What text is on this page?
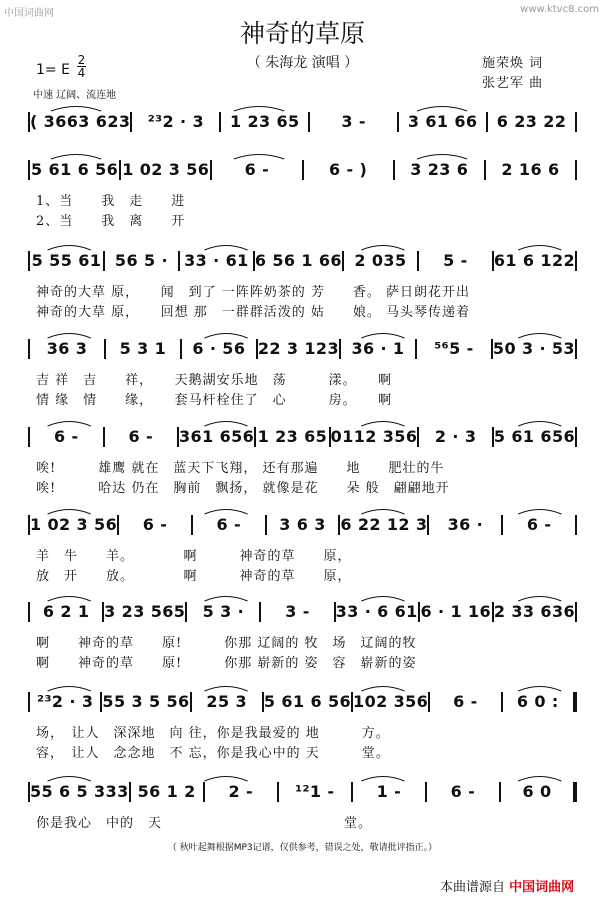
中国词曲网	www.ktvc8.com
神奇的草原
（ 朱海龙 演唱 ）	施荣焕 词
张艺军 曲
1= E
2
4
中速 辽阔、流连地
( 3663 623	²³2 · 3	1 23 65	3 -	3 61 66	6 23 22
5 61 6 56 1 02 3 56	6 -	6 - )	3 23 6	2 16 6
1、当　　我　走　　进
2、当　　我　离　　开
5 55 61 56 5 ·	33 · 61 6 56 1 66 2 035	5 -	61 6 122
神奇的大草 原，　　闻　到了 一阵阵奶茶的 芳　　香。 萨日朗花开出
神奇的大草 原，　　回想 那　一群群活泼的 姑　　娘。 马头琴传递着
36 3	5 3 1	6 · 56 22 3 123 36 · 1	⁵⁶5 -	50 3 · 53
吉 祥　吉　　祥，　　天鹅湖安乐地　荡　　　漾。　　啊
情 缘　情　　缘，　　套马杆栓住了　心　　　房。　　啊
6 -	6 -	361 656 1 23 65 0112 356	2 · 3	5 61 656
唉!　　　雄鹰 就在　蓝天下飞翔， 还有那遍　　地　　肥壮的牛
唉!　　　哈达 仍在　胸前　飘扬， 就像是花　　朵 般　翩翩地开
1 02 3 56	6 -	6 -	3 6 3 6 22 12 3	36 ·	6 -
羊　牛　　羊。　　　　啊　　　神奇的草　　原，
放　开　　放。　　　　啊　　　神奇的草　　原，
6 2 1 3 23 565	5 3 ·	3 -	33 · 6 61 6 · 1 16 2 33 636
啊　　神奇的草　　原!　　　你那 辽阔的 牧　场　辽阔的牧
啊　　神奇的草　　原!　　　你那 崭新的 姿　容　崭新的姿
²³2 · 3 55 3 5 56	25 3	5 61 6 56 102 356	6 -	6 0 :
场，　让人　深深地　向 往，你是我最爱的 地　　　方。
容，　让人　念念地　不 忘，你是我心中的 天　　　堂。
55 6 5 333 56 1 2	2 -	¹²1 -	1 -	6 -	6 0
你是我心　中的　天　　　　　　　　　　　　　堂。
（ 秋叶起舞根据MP3记谱，仅供参考，错误之处，敬请批评指正。）
本曲谱源自 中国词曲网
